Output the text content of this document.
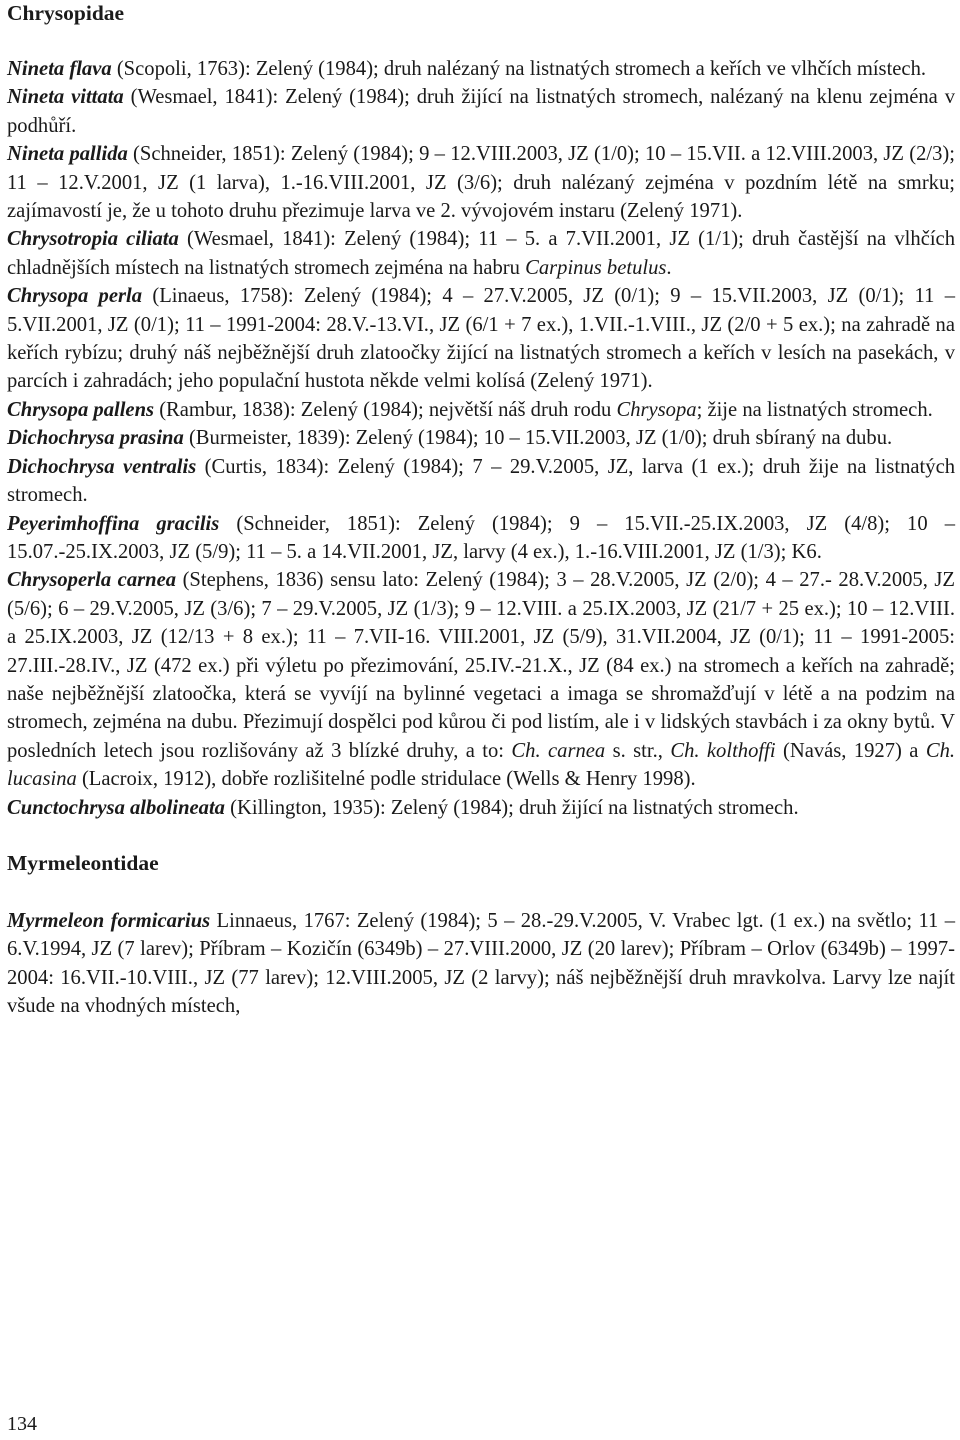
Chrysopidae

Nineta flava (Scopoli, 1763): Zelený (1984); druh nalézaný na listnatých stromech a keřích ve vlhčích místech.

Nineta vittata (Wesmael, 1841): Zelený (1984); druh žijící na listnatých stromech, nalézaný na klenu zejména v podhůří.

Nineta pallida (Schneider, 1851): Zelený (1984); 9 – 12.VIII.2003, JZ (1/0); 10 – 15.VII. a 12.VIII.2003, JZ (2/3); 11 – 12.V.2001, JZ (1 larva), 1.-16.VIII.2001, JZ (3/6); druh nalézaný zejména v pozdním létě na smrku; zajímavostí je, že u tohoto druhu přezimuje larva ve 2. vývojovém instaru (Zelený 1971).

Chrysotropia ciliata (Wesmael, 1841): Zelený (1984); 11 – 5. a 7.VII.2001, JZ (1/1); druh častější na vlhčích chladnějších místech na listnatých stromech zejména na habru Carpinus betulus.

Chrysopa perla (Linaeus, 1758): Zelený (1984); 4 – 27.V.2005, JZ (0/1); 9 – 15.VII.2003, JZ (0/1); 11 – 5.VII.2001, JZ (0/1); 11 – 1991-2004: 28.V.-13.VI., JZ (6/1 + 7 ex.), 1.VII.-1.VIII., JZ (2/0 + 5 ex.); na zahradě na keřích rybízu; druhý náš nejběžnější druh zlatoočky žijící na listnatých stromech a keřích v lesích na pasekách, v parcích i zahradách; jeho populační hustota někde velmi kolísá (Zelený 1971).

Chrysopa pallens (Rambur, 1838): Zelený (1984); největší náš druh rodu Chrysopa; žije na listnatých stromech.

Dichochrysa prasina (Burmeister, 1839): Zelený (1984); 10 – 15.VII.2003, JZ (1/0); druh sbíraný na dubu.

Dichochrysa ventralis (Curtis, 1834): Zelený (1984); 7 – 29.V.2005, JZ, larva (1 ex.); druh žije na listnatých stromech.

Peyerimhoffina gracilis (Schneider, 1851): Zelený (1984); 9 – 15.VII.-25.IX.2003, JZ (4/8); 10 – 15.07.-25.IX.2003, JZ (5/9); 11 – 5. a 14.VII.2001, JZ, larvy (4 ex.), 1.-16.VIII.2001, JZ (1/3); K6.

Chrysoperla carnea (Stephens, 1836) sensu lato: Zelený (1984); 3 – 28.V.2005, JZ (2/0); 4 – 27.- 28.V.2005, JZ (5/6); 6 – 29.V.2005, JZ (3/6); 7 – 29.V.2005, JZ (1/3); 9 – 12.VIII. a 25.IX.2003, JZ (21/7 + 25 ex.); 10 – 12.VIII. a 25.IX.2003, JZ (12/13 + 8 ex.); 11 – 7.VII-16. VIII.2001, JZ (5/9), 31.VII.2004, JZ (0/1); 11 – 1991-2005: 27.III.-28.IV., JZ (472 ex.) při výletu po přezimování, 25.IV.-21.X., JZ (84 ex.) na stromech a keřích na zahradě; naše nejběžnější zlatoočka, která se vyvíjí na bylinné vegetaci a imaga se shromažďují v létě a na podzim na stromech, zejména na dubu. Přezimují dospělci pod kůrou či pod listím, ale i v lidských stavbách i za okny bytů. V posledních letech jsou rozlišovány až 3 blízké druhy, a to: Ch. carnea s. str., Ch. kolthoffi (Navás, 1927) a Ch. lucasina (Lacroix, 1912), dobře rozlišitelné podle stridulace (Wells & Henry 1998).

Cunctochrysa albolineata (Killington, 1935): Zelený (1984); druh žijící na listnatých stromech.

Myrmeleontidae

Myrmeleon formicarius Linnaeus, 1767: Zelený (1984); 5 – 28.-29.V.2005, V. Vrabec lgt. (1 ex.) na světlo; 11 – 6.V.1994, JZ (7 larev); Příbram – Kozičín (6349b) – 27.VIII.2000, JZ (20 larev); Příbram – Orlov (6349b) – 1997-2004: 16.VII.-10.VIII., JZ (77 larev); 12.VIII.2005, JZ (2 larvy); náš nejběžnější druh mravkolva. Larvy lze najít všude na vhodných místech,

134
